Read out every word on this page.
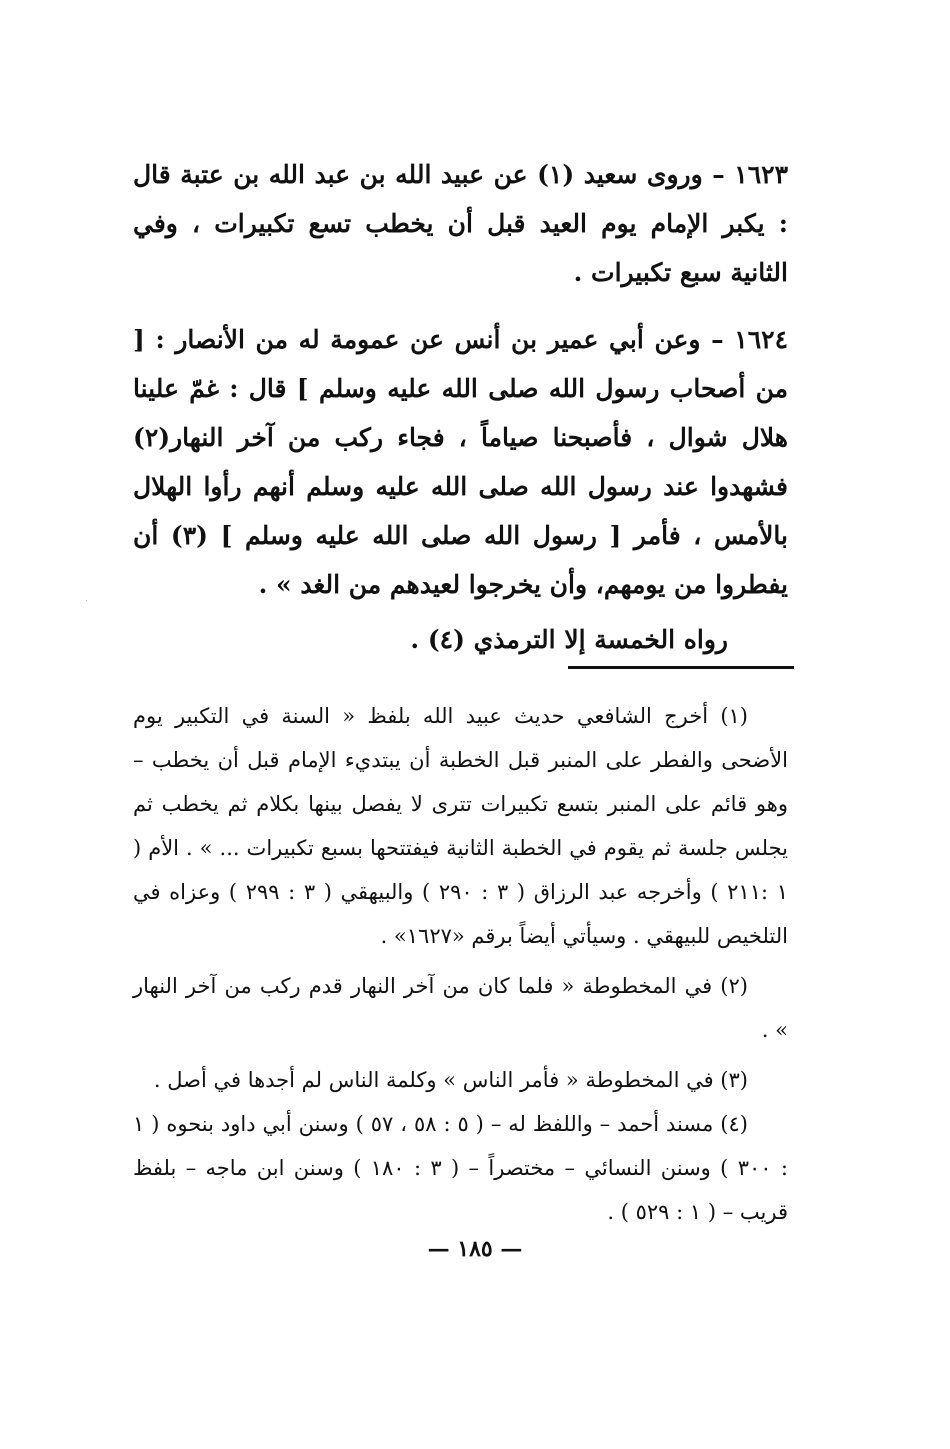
١٦٢٣ – وروى سعيد (١) عن عبيد الله بن عبد الله بن عتبة قال : يكبر الإمام يوم العيد قبل أن يخطب تسع تكبيرات ، وفي الثانية سبع تكبيرات .

١٦٢٤ – وعن أبي عمير بن أنس عن عمومة له من الأنصار : [ من أصحاب رسول الله صلى الله عليه وسلم ] قال : غمّ علينا هلال شوال ، فأصبحنا صياماً ، فجاء ركب من آخر النهار(٢) فشهدوا عند رسول الله صلى الله عليه وسلم أنهم رأوا الهلال بالأمس ، فأمر [ رسول الله صلى الله عليه وسلم ] (٣) أن يفطروا من يومهم، وأن يخرجوا لعيدهم من الغد » .

رواه الخمسة إلا الترمذي (٤) .

(١) أخرج الشافعي حديث عبيد الله بلفظ « السنة في التكبير يوم الأضحى والفطر على المنبر قبل الخطبة أن يبتديء الإمام قبل أن يخطب – وهو قائم على المنبر بتسع تكبيرات تترى لا يفصل بينها بكلام ثم يخطب ثم يجلس جلسة ثم يقوم في الخطبة الثانية فيفتتحها بسبع تكبيرات ... » . الأم ( ١ :٢١١ ) وأخرجه عبد الرزاق ( ٣ : ٢٩٠ ) والبيهقي ( ٣ : ٢٩٩ ) وعزاه في التلخيص للبيهقي . وسيأتي أيضاً برقم «١٦٢٧» .

(٢) في المخطوطة « فلما كان من آخر النهار قدم ركب من آخر النهار » .

(٣) في المخطوطة « فأمر الناس » وكلمة الناس لم أجدها في أصل .

(٤) مسند أحمد – واللفظ له – ( ٥ : ٥٨ ، ٥٧ ) وسنن أبي داود بنحوه ( ١ : ٣٠٠ ) وسنن النسائي – مختصراً – ( ٣ : ١٨٠ ) وسنن ابن ماجه – بلفظ قريب – ( ١ : ٥٢٩ ) .

— ١٨٥ —
